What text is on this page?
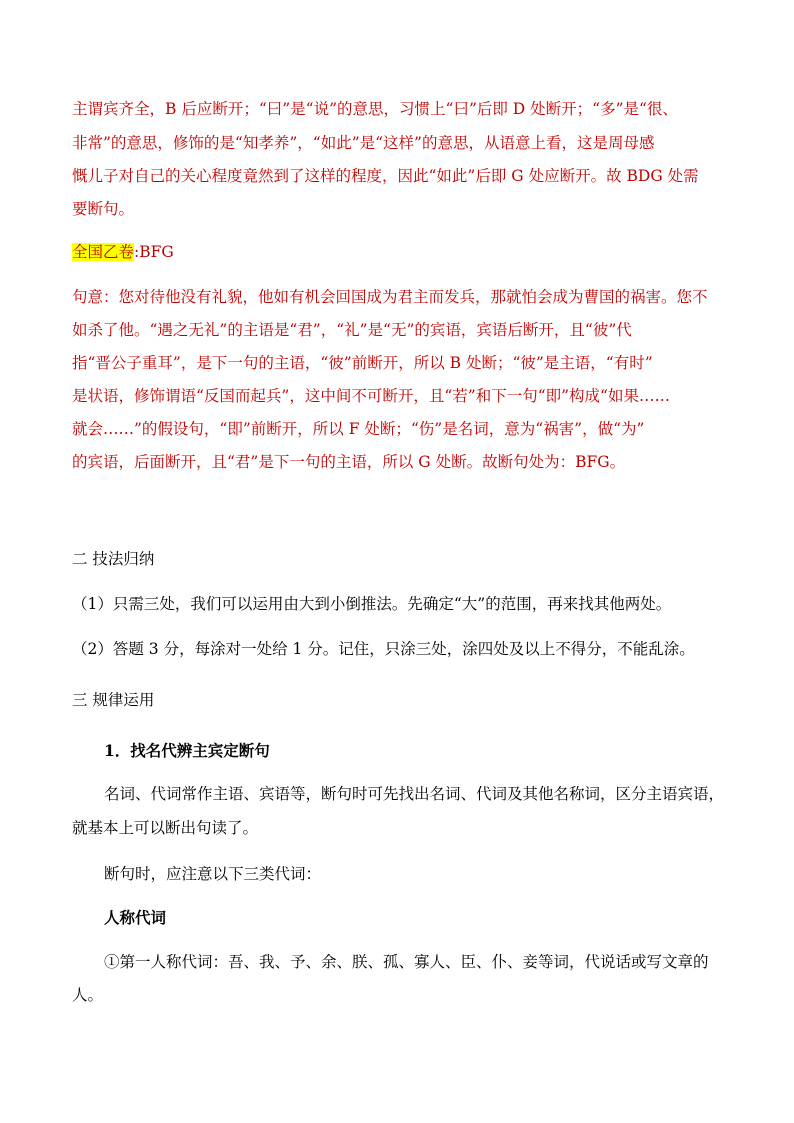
主谓宾齐全，B 后应断开；“曰”是“说”的意思，习惯上“曰”后即 D 处断开；“多”是“很、
非常”的意思，修饰的是“知孝养”，“如此”是“这样”的意思，从语意上看，这是周母感
慨儿子对自己的关心程度竟然到了这样的程度，因此“如此”后即 G 处应断开。故 BDG 处需
要断句。
全国乙卷:BFG
句意：您对待他没有礼貌，他如有机会回国成为君主而发兵，那就怕会成为曹国的祸害。您不
如杀了他。“遇之无礼”的主语是“君”，“礼”是“无”的宾语，宾语后断开，且“彼”代
指“晋公子重耳”，是下一句的主语，“彼”前断开，所以 B 处断；“彼”是主语，“有时”
是状语，修饰谓语“反国而起兵”，这中间不可断开，且“若”和下一句“即”构成“如果……
就会……”的假设句，“即”前断开，所以 F 处断；“伤”是名词，意为“祸害”，做“为”
的宾语，后面断开，且“君”是下一句的主语，所以 G 处断。故断句处为：BFG。
二 技法归纳
（1）只需三处，我们可以运用由大到小倒推法。先确定“大”的范围，再来找其他两处。
（2）答题 3 分，每涂对一处给 1 分。记住，只涂三处，涂四处及以上不得分，不能乱涂。
三 规律运用
1．找名代辨主宾定断句
名词、代词常作主语、宾语等，断句时可先找出名词、代词及其他名称词，区分主语宾语，
就基本上可以断出句读了。
断句时，应注意以下三类代词：
人称代词
①第一人称代词：吾、我、予、余、朕、孤、寡人、臣、仆、妾等词，代说话或写文章的
人。
